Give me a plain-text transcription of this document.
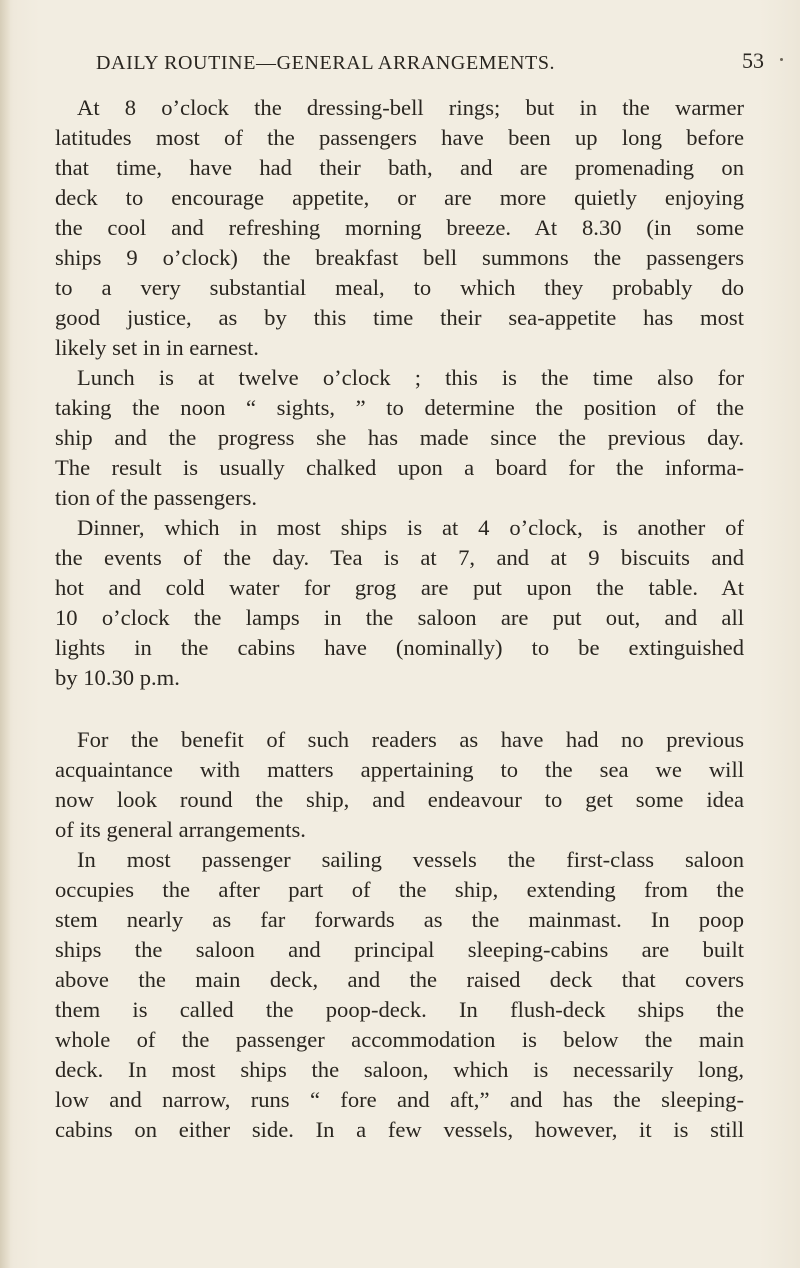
DAILY ROUTINE—GENERAL ARRANGEMENTS.	53
At 8 o’clock the dressing-bell rings; but in the warmer
latitudes most of the passengers have been up long before
that time, have had their bath, and are promenading on
deck to encourage appetite, or are more quietly enjoying
the cool and refreshing morning breeze. At 8.30 (in some
ships 9 o’clock) the breakfast bell summons the passengers
to a very substantial meal, to which they probably do
good justice, as by this time their sea-appetite has most
likely set in in earnest.
Lunch is at twelve o’clock ; this is the time also for
taking the noon “ sights, ” to determine the position of the
ship and the progress she has made since the previous day.
The result is usually chalked upon a board for the informa-
tion of the passengers.
Dinner, which in most ships is at 4 o’clock, is another of
the events of the day. Tea is at 7, and at 9 biscuits and
hot and cold water for grog are put upon the table. At
10 o’clock the lamps in the saloon are put out, and all
lights in the cabins have (nominally) to be extinguished
by 10.30 p.m.
For the benefit of such readers as have had no previous
acquaintance with matters appertaining to the sea we will
now look round the ship, and endeavour to get some idea
of its general arrangements.
In most passenger sailing vessels the first-class saloon
occupies the after part of the ship, extending from the
stem nearly as far forwards as the mainmast. In poop
ships the saloon and principal sleeping-cabins are built
above the main deck, and the raised deck that covers
them is called the poop-deck. In flush-deck ships the
whole of the passenger accommodation is below the main
deck. In most ships the saloon, which is necessarily long,
low and narrow, runs “ fore and aft,” and has the sleeping-
cabins on either side. In a few vessels, however, it is still
